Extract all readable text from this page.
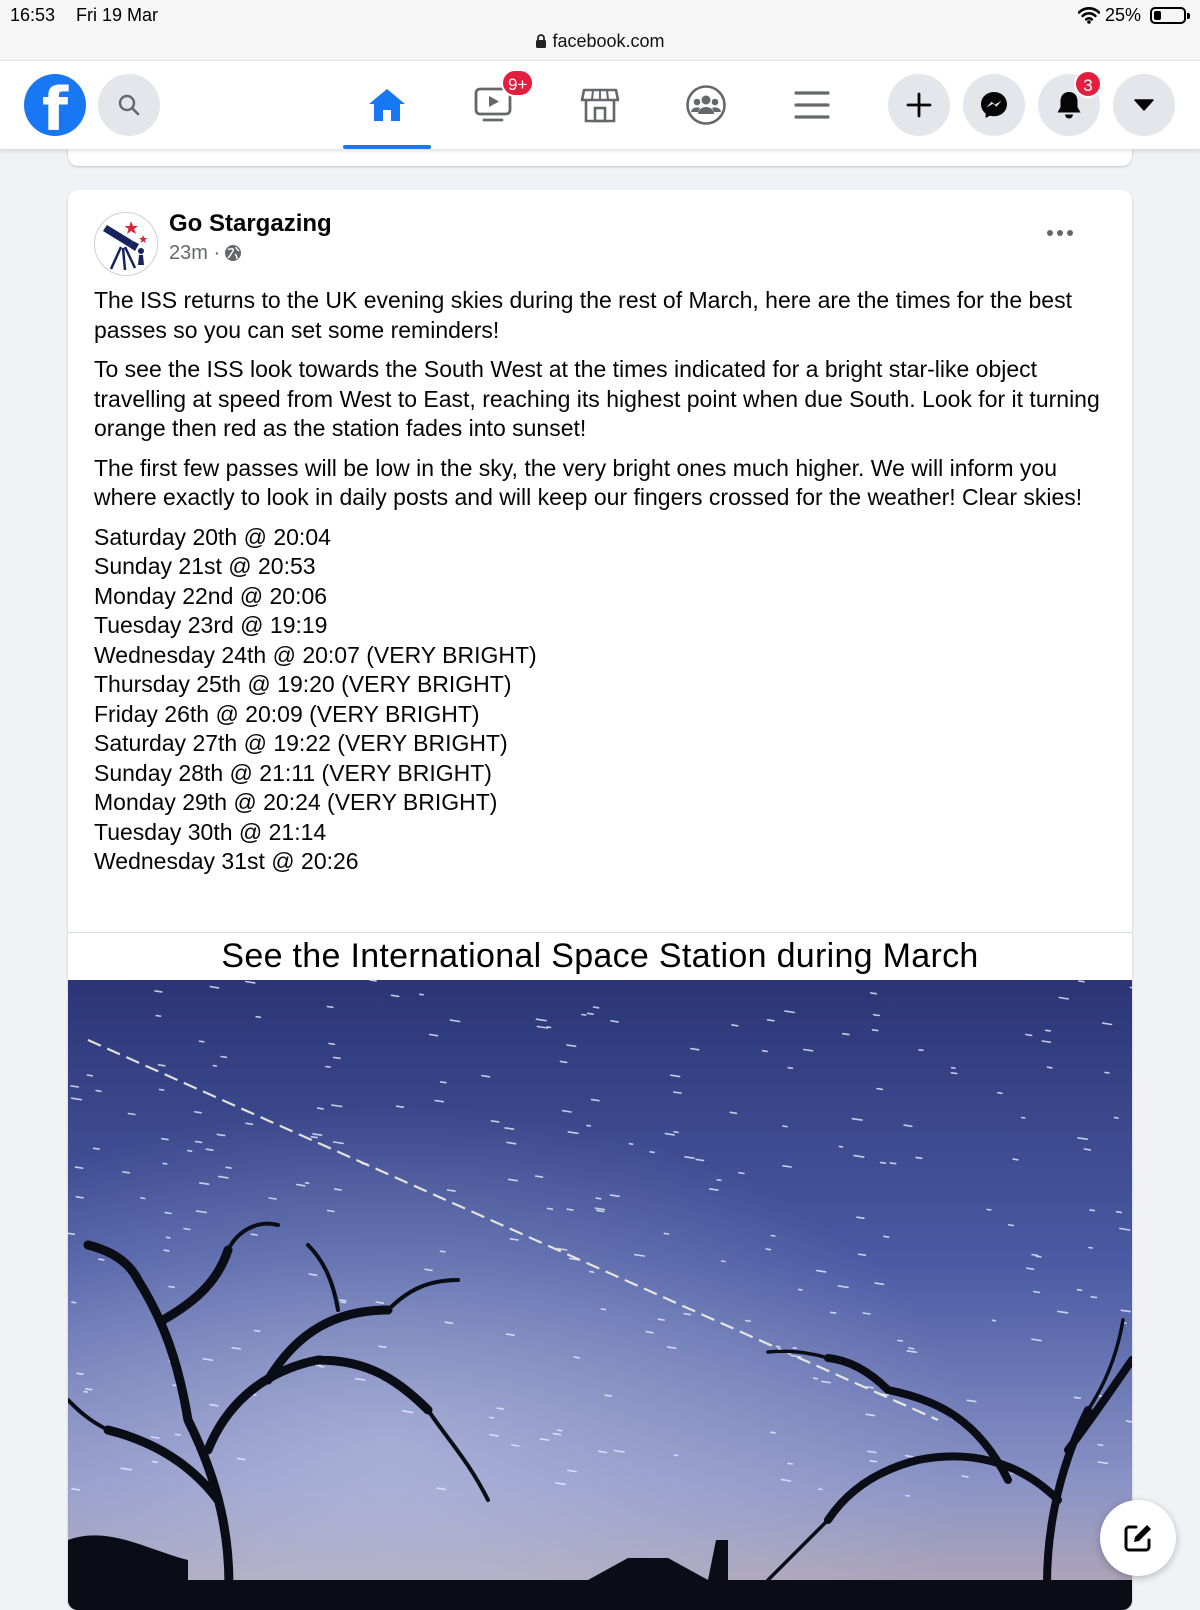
16:53 Fri 19 Mar
facebook.com
25%
f	9+	3
Go Stargazing
23m ·

The ISS returns to the UK evening skies during the rest of March, here are the times for the best passes so you can set some reminders!

To see the ISS look towards the South West at the times indicated for a bright star-like object travelling at speed from West to East, reaching its highest point when due South. Look for it turning orange then red as the station fades into sunset!

The first few passes will be low in the sky, the very bright ones much higher. We will inform you where exactly to look in daily posts and will keep our fingers crossed for the weather! Clear skies!

Saturday 20th @ 20:04
Sunday 21st @ 20:53
Monday 22nd @ 20:06
Tuesday 23rd @ 19:19
Wednesday 24th @ 20:07 (VERY BRIGHT)
Thursday 25th @ 19:20 (VERY BRIGHT)
Friday 26th @ 20:09 (VERY BRIGHT)
Saturday 27th @ 19:22 (VERY BRIGHT)
Sunday 28th @ 21:11 (VERY BRIGHT)
Monday 29th @ 20:24 (VERY BRIGHT)
Tuesday 30th @ 21:14
Wednesday 31st @ 20:26
See the International Space Station during March
